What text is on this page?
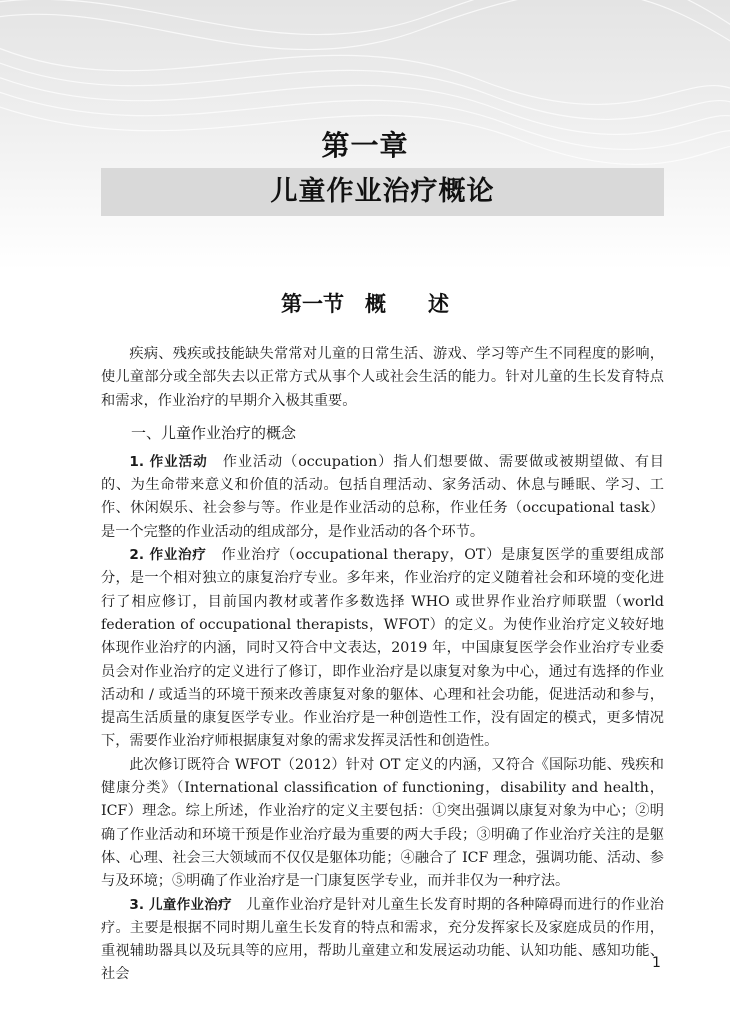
第一章
儿童作业治疗概论
第一节　概　　述

疾病、残疾或技能缺失常常对儿童的日常生活、游戏、学习等产生不同程度的影响，使儿童部分或全部失去以正常方式从事个人或社会生活的能力。针对儿童的生长发育特点和需求，作业治疗的早期介入极其重要。

一、儿童作业治疗的概念

1. 作业活动　 作业活动（occupation）指人们想要做、需要做或被期望做、有目的、为生命带来意义和价值的活动。包括自理活动、家务活动、休息与睡眠、学习、工作、休闲娱乐、社会参与等。作业是作业活动的总称，作业任务（occupational task）是一个完整的作业活动的组成部分，是作业活动的各个环节。

2. 作业治疗　 作业治疗（occupational therapy，OT）是康复医学的重要组成部分，是一个相对独立的康复治疗专业。多年来，作业治疗的定义随着社会和环境的变化进行了相应修订，目前国内教材或著作多数选择 WHO 或世界作业治疗师联盟（world federation of occupational therapists，WFOT）的定义。为使作业治疗定义较好地体现作业治疗的内涵，同时又符合中文表达，2019 年，中国康复医学会作业治疗专业委员会对作业治疗的定义进行了修订，即作业治疗是以康复对象为中心，通过有选择的作业活动和 / 或适当的环境干预来改善康复对象的躯体、心理和社会功能，促进活动和参与，提高生活质量的康复医学专业。作业治疗是一种创造性工作，没有固定的模式，更多情况下，需要作业治疗师根据康复对象的需求发挥灵活性和创造性。

此次修订既符合 WFOT（2012）针对 OT 定义的内涵，又符合《国际功能、残疾和健康分类》（International classification of functioning，disability and health，ICF）理念。综上所述，作业治疗的定义主要包括：①突出强调以康复对象为中心；②明确了作业活动和环境干预是作业治疗最为重要的两大手段；③明确了作业治疗关注的是躯体、心理、社会三大领域而不仅仅是躯体功能；④融合了 ICF 理念，强调功能、活动、参与及环境；⑤明确了作业治疗是一门康复医学专业，而并非仅为一种疗法。

3. 儿童作业治疗　 儿童作业治疗是针对儿童生长发育时期的各种障碍而进行的作业治疗。主要是根据不同时期儿童生长发育的特点和需求，充分发挥家长及家庭成员的作用，重视辅助器具以及玩具等的应用，帮助儿童建立和发展运动功能、认知功能、感知功能、社会

1
